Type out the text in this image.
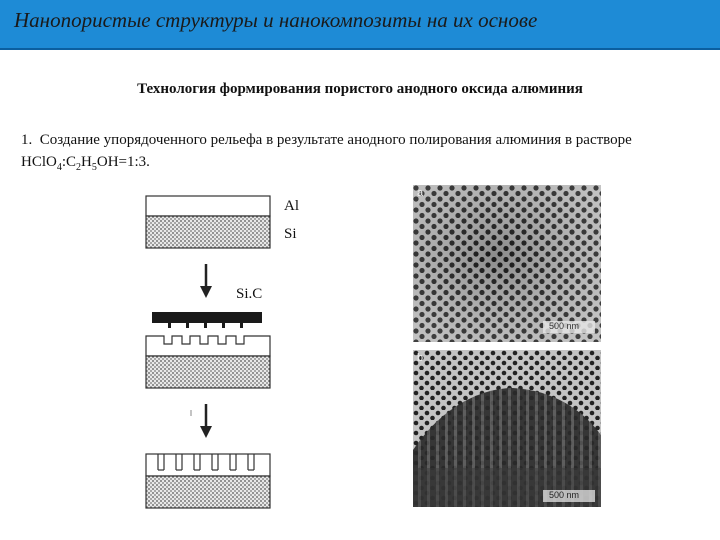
Нанопористые структуры и нанокомпозиты на их основе
Технология формирования пористого анодного оксида алюминия
1. Создание упорядоченного рельефа в результате анодного полирования алюминия в растворе $HClO_4:C_2H_5OH=1:3$.
Al
Si
Si.C
a
500 nm
b
500 nm
